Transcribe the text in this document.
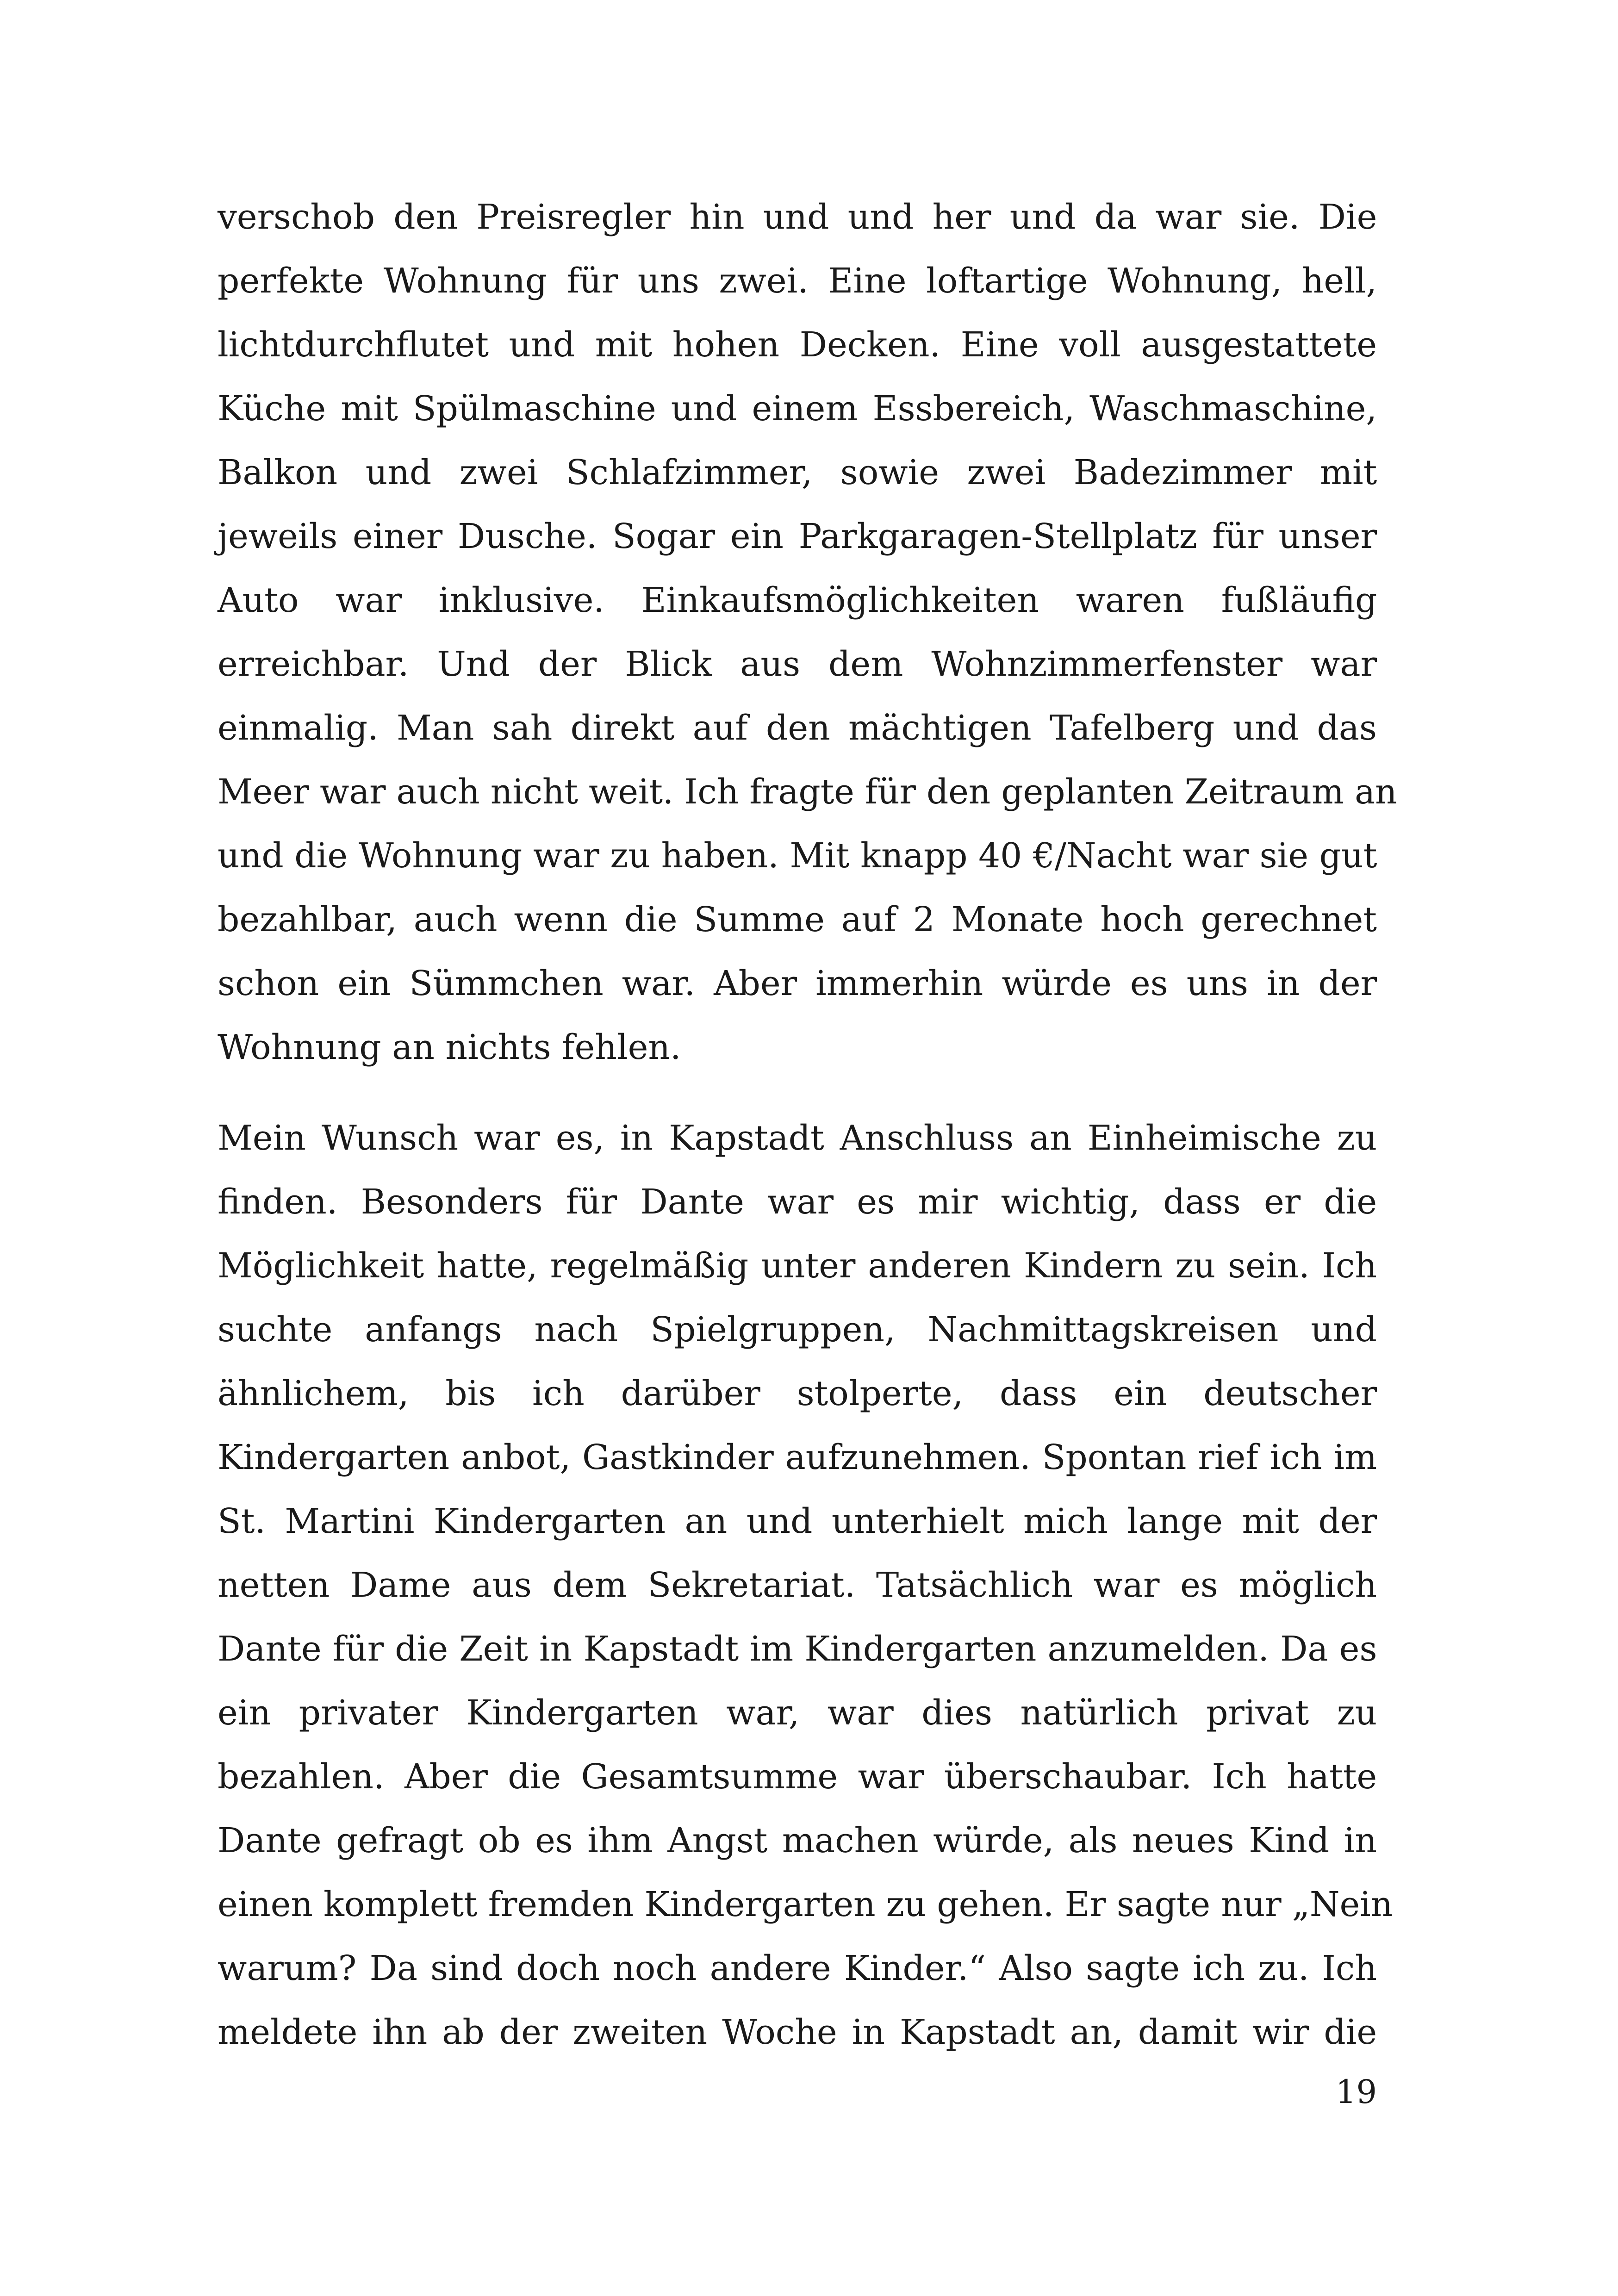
verschob den Preisregler hin und und her und da war sie. Die
perfekte Wohnung für uns zwei. Eine loftartige Wohnung, hell,
lichtdurchflutet und mit hohen Decken. Eine voll ausgestattete
Küche mit Spülmaschine und einem Essbereich, Waschmaschine,
Balkon und zwei Schlafzimmer, sowie zwei Badezimmer mit
jeweils einer Dusche. Sogar ein Parkgaragen-Stellplatz für unser
Auto war inklusive. Einkaufsmöglichkeiten waren fußläufig
erreichbar. Und der Blick aus dem Wohnzimmerfenster war
einmalig. Man sah direkt auf den mächtigen Tafelberg und das
Meer war auch nicht weit. Ich fragte für den geplanten Zeitraum an
und die Wohnung war zu haben. Mit knapp 40 €/Nacht war sie gut
bezahlbar, auch wenn die Summe auf 2 Monate hoch gerechnet
schon ein Sümmchen war. Aber immerhin würde es uns in der
Wohnung an nichts fehlen.

Mein Wunsch war es, in Kapstadt Anschluss an Einheimische zu
finden. Besonders für Dante war es mir wichtig, dass er die
Möglichkeit hatte, regelmäßig unter anderen Kindern zu sein. Ich
suchte anfangs nach Spielgruppen, Nachmittagskreisen und
ähnlichem, bis ich darüber stolperte, dass ein deutscher
Kindergarten anbot, Gastkinder aufzunehmen. Spontan rief ich im
St. Martini Kindergarten an und unterhielt mich lange mit der
netten Dame aus dem Sekretariat. Tatsächlich war es möglich
Dante für die Zeit in Kapstadt im Kindergarten anzumelden. Da es
ein privater Kindergarten war, war dies natürlich privat zu
bezahlen. Aber die Gesamtsumme war überschaubar. Ich hatte
Dante gefragt ob es ihm Angst machen würde, als neues Kind in
einen komplett fremden Kindergarten zu gehen. Er sagte nur „Nein
warum? Da sind doch noch andere Kinder.“ Also sagte ich zu. Ich
meldete ihn ab der zweiten Woche in Kapstadt an, damit wir die

19
